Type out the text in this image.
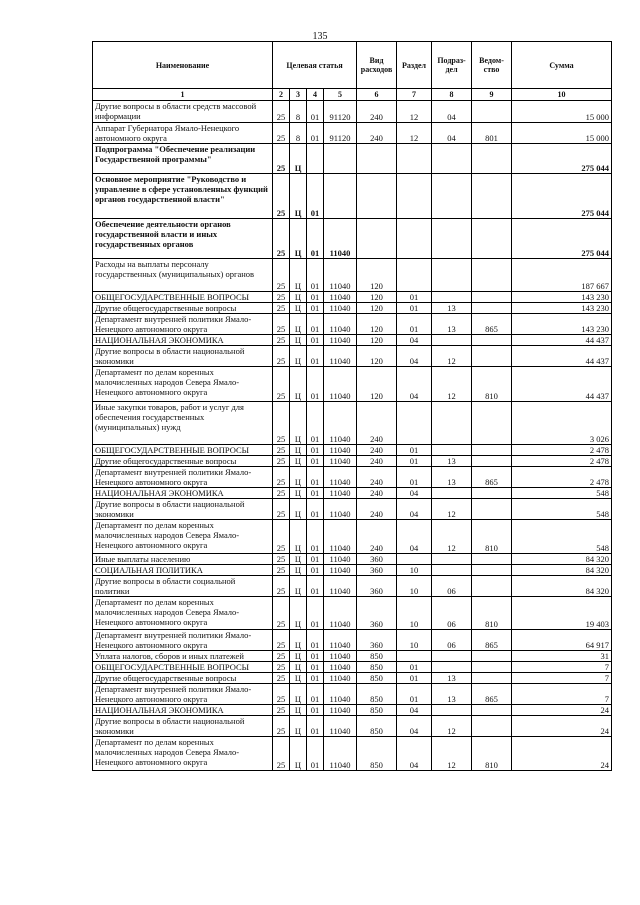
135
Наименование	Целевая статья				Вид расходов	Раздел	Подраз-дел	Ведом-ство	Сумма
1	2	3	4	5	6	7	8	9	10
Другие вопросы в области средств массовой информации	25	8	01	91120	240	12	04		15 000
Аппарат Губернатора Ямало-Ненецкого автономного округа	25	8	01	91120	240	12	04	801	15 000
Подпрограмма "Обеспечение реализации Государственной программы"	25	Ц							275 044
Основное мероприятие "Руководство и управление в сфере установленных функций органов государственной власти"	25	Ц	01						275 044
Обеспечение деятельности органов государственной власти и иных государственных органов	25	Ц	01	11040					275 044
Расходы на выплаты персоналу государственных (муниципальных) органов	25	Ц	01	11040	120				187 667
ОБЩЕГОСУДАРСТВЕННЫЕ ВОПРОСЫ	25	Ц	01	11040	120	01			143 230
Другие общегосударственные вопросы	25	Ц	01	11040	120	01	13		143 230
Департамент внутренней политики Ямало-Ненецкого автономного округа	25	Ц	01	11040	120	01	13	865	143 230
НАЦИОНАЛЬНАЯ ЭКОНОМИКА	25	Ц	01	11040	120	04			44 437
Другие вопросы в области национальной экономики	25	Ц	01	11040	120	04	12		44 437
Департамент по делам коренных малочисленных народов Севера Ямало-Ненецкого автономного округа	25	Ц	01	11040	120	04	12	810	44 437
Иные закупки товаров, работ и услуг для обеспечения государственных (муниципальных) нужд	25	Ц	01	11040	240				3 026
ОБЩЕГОСУДАРСТВЕННЫЕ ВОПРОСЫ	25	Ц	01	11040	240	01			2 478
Другие общегосударственные вопросы	25	Ц	01	11040	240	01	13		2 478
Департамент внутренней политики Ямало-Ненецкого автономного округа	25	Ц	01	11040	240	01	13	865	2 478
НАЦИОНАЛЬНАЯ ЭКОНОМИКА	25	Ц	01	11040	240	04			548
Другие вопросы в области национальной экономики	25	Ц	01	11040	240	04	12		548
Департамент по делам коренных малочисленных народов Севера Ямало-Ненецкого автономного округа	25	Ц	01	11040	240	04	12	810	548
Иные выплаты населению	25	Ц	01	11040	360				84 320
СОЦИАЛЬНАЯ ПОЛИТИКА	25	Ц	01	11040	360	10			84 320
Другие вопросы в области социальной политики	25	Ц	01	11040	360	10	06		84 320
Департамент по делам коренных малочисленных народов Севера Ямало-Ненецкого автономного округа	25	Ц	01	11040	360	10	06	810	19 403
Департамент внутренней политики Ямало-Ненецкого автономного округа	25	Ц	01	11040	360	10	06	865	64 917
Уплата налогов, сборов и иных платежей	25	Ц	01	11040	850				31
ОБЩЕГОСУДАРСТВЕННЫЕ ВОПРОСЫ	25	Ц	01	11040	850	01			7
Другие общегосударственные вопросы	25	Ц	01	11040	850	01	13		7
Департамент внутренней политики Ямало-Ненецкого автономного округа	25	Ц	01	11040	850	01	13	865	7
НАЦИОНАЛЬНАЯ ЭКОНОМИКА	25	Ц	01	11040	850	04			24
Другие вопросы в области национальной экономики	25	Ц	01	11040	850	04	12		24
Департамент по делам коренных малочисленных народов Севера Ямало-Ненецкого автономного округа	25	Ц	01	11040	850	04	12	810	24
